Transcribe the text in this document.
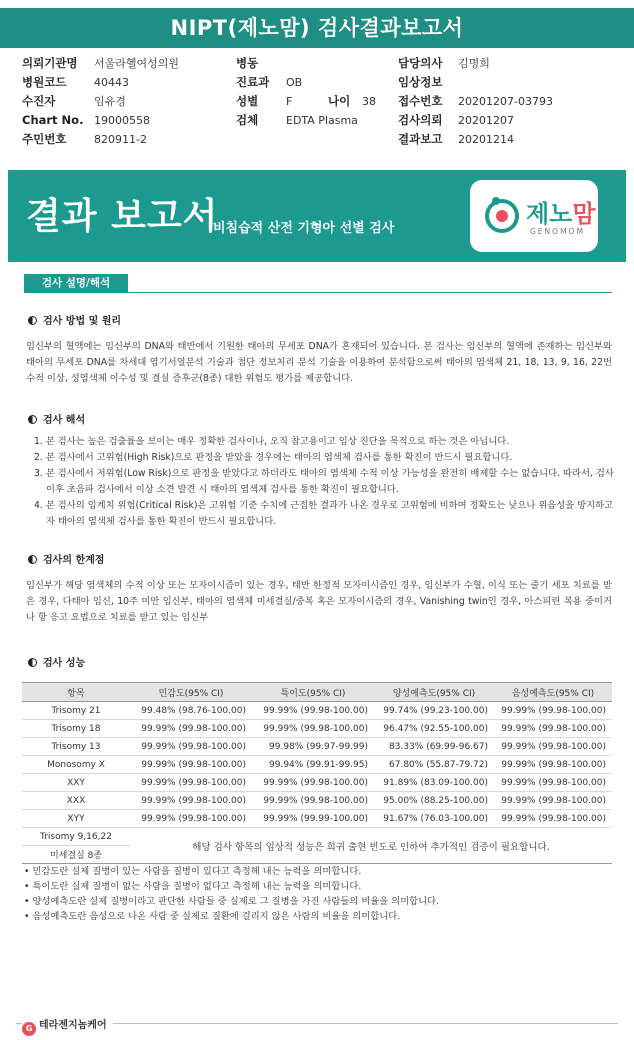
NIPT(제노맘) 검사결과보고서
의뢰기관명 서울라헬여성의원
병원코드	40443
수진자	임유경
Chart No. 19000558
주민번호	820911-2
병동
진료과 OB
성별	F	나이 38
검체	EDTA Plasma
담당의사 김명희
임상정보
접수번호 20201207-03793
검사의뢰 20201207
결과보고 20201214
결과 보고서
비침습적 산전 기형아 선별 검사
제노맘
GENOMOM
검사 설명/해석
검사 방법 및 원리
임신부의 혈액에는 임신부의 DNA와 태반에서 기원한 태아의 무세포 DNA가 혼재되어 있습니다. 본 검사는 임신부의 혈액에 존재하는 임신부와 태아의 무세포 DNA를 차세대 염기서열분석 기술과 첨단 정보처리 분석 기술을 이용하여 분석함으로써 태아의 염색체 21, 18, 13, 9, 16, 22번 수적 이상, 성염색체 이수성 및 결실 증후군(8종) 대한 위험도 평가를 제공합니다.
검사 해석
1. 본 검사는 높은 검출률을 보이는 매우 정확한 검사이나, 오직 참고용이고 임상 진단을 목적으로 하는 것은 아닙니다.
2. 본 검사에서 고위험(High Risk)으로 판정을 받았을 경우에는 태아의 염색체 검사를 통한 확진이 반드시 필요합니다.
3. 본 검사에서 저위험(Low Risk)으로 판정을 받았다고 하더라도 태아의 염색체 수적 이상 가능성을 완전히 배제할 수는 없습니다. 따라서, 검사 이후 초음파 검사에서 이상 소견 발견 시 태아의 염색체 검사를 통한 확진이 필요합니다.
4. 본 검사의 임계치 위험(Critical Risk)은 고위험 기준 수치에 근접한 결과가 나온 경우로 고위험에 비하여 정확도는 낮으나 위음성을 방지하고자 태아의 염색체 검사를 통한 확진이 반드시 필요합니다.
검사의 한계점
임신부가 해당 염색체의 수적 이상 또는 모자이시즘이 있는 경우, 태반 한정적 모자이시즘인 경우, 임신부가 수혈, 이식 또는 줄기 세포 치료를 받은 경우, 다태아 임신, 10주 미만 임신부, 태아의 염색체 미세결실/중복 혹은 모자이시즘의 경우, Vanishing twin인 경우, 아스피린 복용 중이거나 항 응고 요법으로 치료를 받고 있는 임신부
검사 성능
항목	민감도(95% CI)	특이도(95% CI)	양성예측도(95% CI)	음성예측도(95% CI)
Trisomy 21	99.48% (98.76-100.00)	99.99% (99.98-100.00)	99.74% (99.23-100.00)	99.99% (99.98-100.00)
Trisomy 18	99.99% (99.98-100.00)	99.99% (99.98-100.00)	96.47% (92.55-100.00)	99.99% (99.98-100.00)
Trisomy 13	99.99% (99.98-100.00)	99.98% (99.97-99.99)	83.33% (69.99-96.67)	99.99% (99.98-100.00)
Monosomy X	99.99% (99.98-100.00)	99.94% (99.91-99.95)	67.80% (55.87-79.72)	99.99% (99.98-100.00)
XXY	99.99% (99.98-100.00)	99.99% (99.98-100.00)	91.89% (83.09-100.00)	99.99% (99.98-100.00)
XXX	99.99% (99.98-100.00)	99.99% (99.98-100.00)	95.00% (88.25-100.00)	99.99% (99.98-100.00)
XYY	99.99% (99.98-100.00)	99.99% (99.99-100.00)	91.67% (76.03-100.00)	99.99% (99.98-100.00)
Trisomy 9,16,22	해당 검사 항목의 임상적 성능은 희귀 출현 빈도로 인하여 추가적인 검증이 필요합니다.			
미세결실 8종				
• 민감도란 실제 질병이 있는 사람을 질병이 있다고 측정해 내는 능력을 의미합니다.
• 특이도란 실제 질병이 없는 사람을 질병이 없다고 측정해 내는 능력을 의미합니다.
• 양성예측도란 실제 질병이라고 판단한 사람들 중 실제로 그 질병을 가진 사람들의 비율을 의미합니다.
• 음성예측도란 음성으로 나온 사람 중 실제로 질환에 걸리지 않은 사람의 비율을 의미합니다.
G 테라젠지놈케어
